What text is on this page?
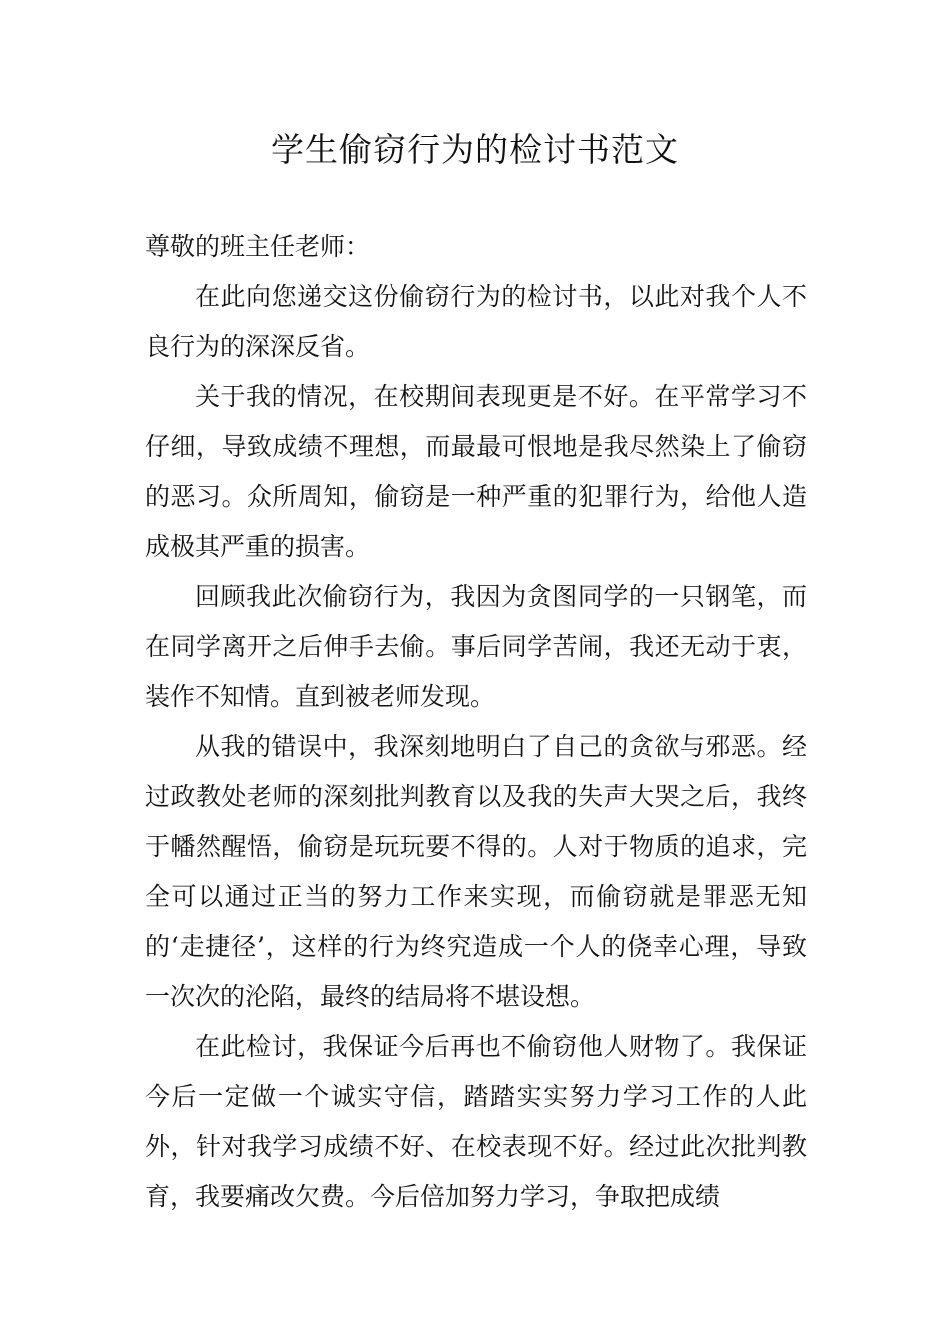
学生偷窃行为的检讨书范文

尊敬的班主任老师：

在此向您递交这份偷窃行为的检讨书，以此对我个人不良行为的深深反省。

关于我的情况，在校期间表现更是不好。在平常学习不仔细，导致成绩不理想，而最最可恨地是我尽然染上了偷窃的恶习。众所周知，偷窃是一种严重的犯罪行为，给他人造成极其严重的损害。

回顾我此次偷窃行为，我因为贪图同学的一只钢笔，而在同学离开之后伸手去偷。事后同学苦闹，我还无动于衷，装作不知情。直到被老师发现。

从我的错误中，我深刻地明白了自己的贪欲与邪恶。经过政教处老师的深刻批判教育以及我的失声大哭之后，我终于幡然醒悟，偷窃是玩玩要不得的。人对于物质的追求，完全可以通过正当的努力工作来实现，而偷窃就是罪恶无知的‘走捷径’，这样的行为终究造成一个人的侥幸心理，导致一次次的沦陷，最终的结局将不堪设想。

在此检讨，我保证今后再也不偷窃他人财物了。我保证今后一定做一个诚实守信，踏踏实实努力学习工作的人此外，针对我学习成绩不好、在校表现不好。经过此次批判教育，我要痛改欠费。今后倍加努力学习，争取把成绩
